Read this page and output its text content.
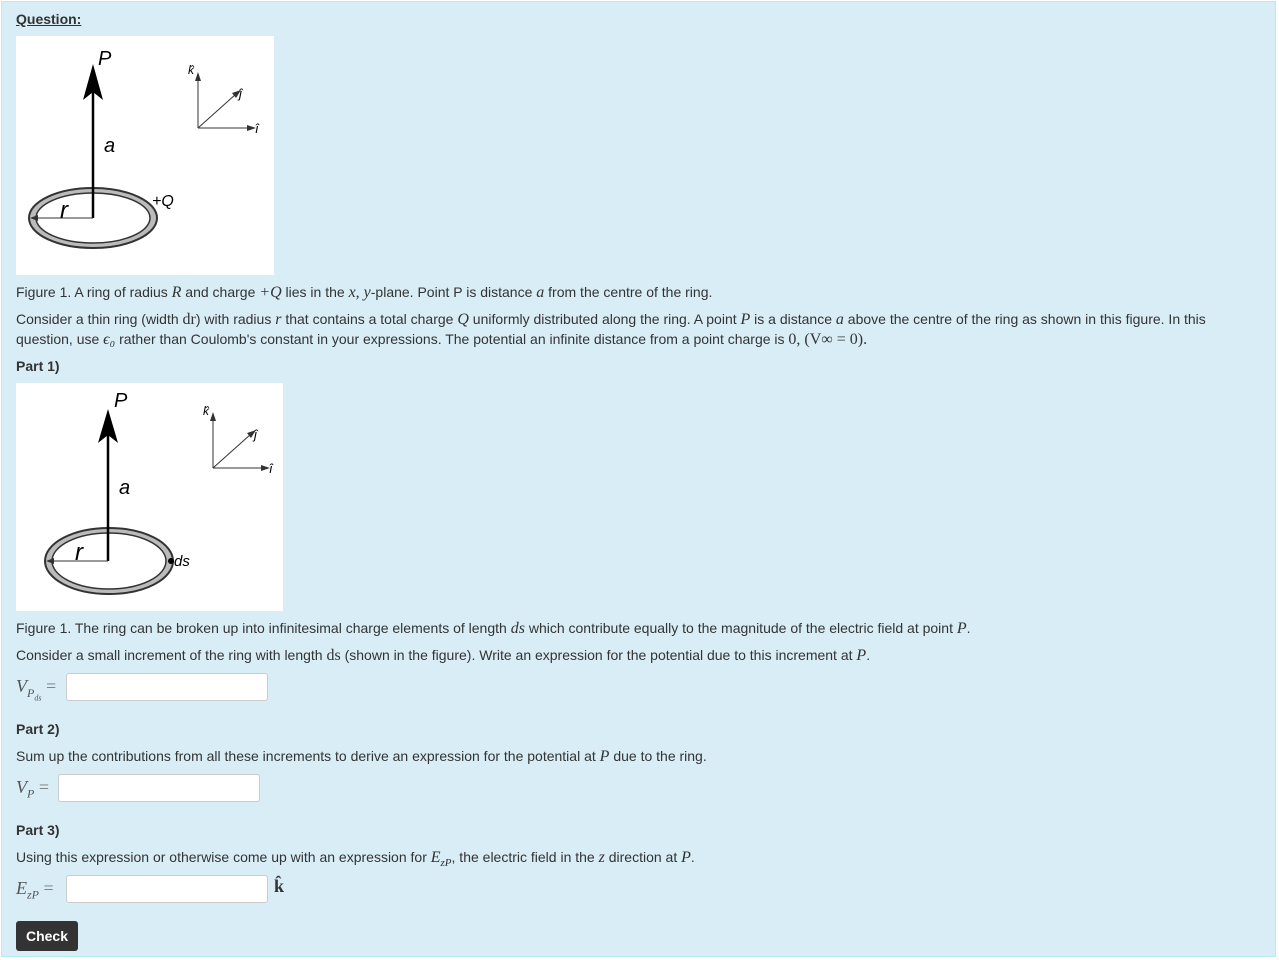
Question:
P
a
r	+Q
k̂
ĵ
î
Figure 1. A ring of radius R and charge +Q lies in the x, y-plane. Point P is distance a from the centre of the ring.
Consider a thin ring (width dr) with radius r that contains a total charge Q uniformly distributed along the ring. A point P is a distance a above the centre of the ring as shown in this figure. In this
question, use ϵ₀ rather than Coulomb's constant in your expressions. The potential an infinite distance from a point charge is 0, (V∞ = 0).
Part 1)
P
a
r	ds
k̂
ĵ
î
Figure 1. The ring can be broken up into infinitesimal charge elements of length ds which contribute equally to the magnitude of the electric field at point P.
Consider a small increment of the ring with length ds (shown in the figure). Write an expression for the potential due to this increment at P.
$V_{P_{ds}}$ =
Part 2)
Sum up the contributions from all these increments to derive an expression for the potential at P due to the ring.
$V_P$ =
Part 3)
Using this expression or otherwise come up with an expression for $E_{zP}$, the electric field in the z direction at P.
$E_{zP}$ =	k̂
Check
